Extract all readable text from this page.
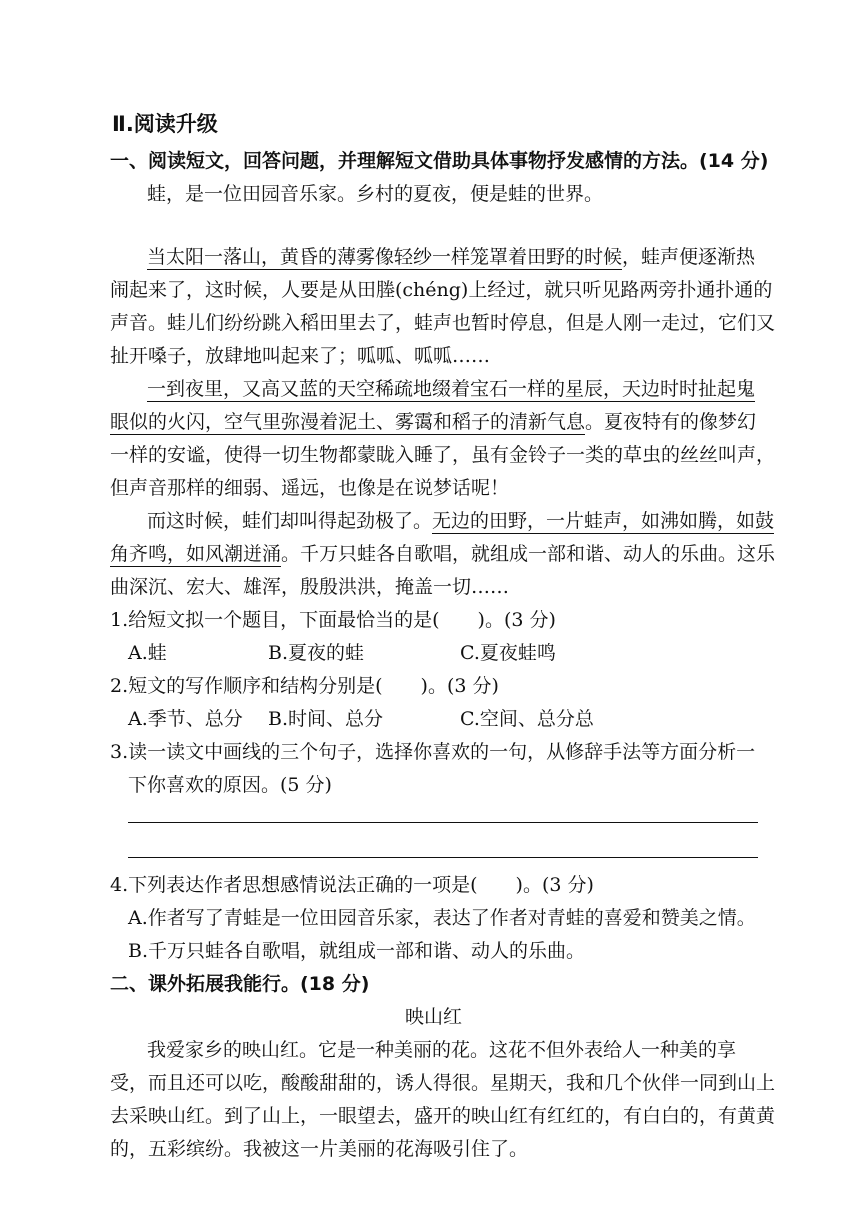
Ⅱ.阅读升级
一、阅读短文，回答问题，并理解短文借助具体事物抒发感情的方法。(14 分)
蛙，是一位田园音乐家。乡村的夏夜，便是蛙的世界。
当太阳一落山，黄昏的薄雾像轻纱一样笼罩着田野的时候，蛙声便逐渐热
闹起来了，这时候，人要是从田塍(chéng)上经过，就只听见路两旁扑通扑通的
声音。蛙儿们纷纷跳入稻田里去了，蛙声也暂时停息，但是人刚一走过，它们又
扯开嗓子，放肆地叫起来了；呱呱、呱呱……
一到夜里，又高又蓝的天空稀疏地缀着宝石一样的星辰，天边时时扯起鬼
眼似的火闪，空气里弥漫着泥土、雾霭和稻子的清新气息。夏夜特有的像梦幻
一样的安谧，使得一切生物都蒙眬入睡了，虽有金铃子一类的草虫的丝丝叫声，
但声音那样的细弱、遥远，也像是在说梦话呢！
而这时候，蛙们却叫得起劲极了。无边的田野，一片蛙声，如沸如腾，如鼓
角齐鸣，如风潮迸涌。千万只蛙各自歌唱，就组成一部和谐、动人的乐曲。这乐
曲深沉、宏大、雄浑，殷殷洪洪，掩盖一切……
1.给短文拟一个题目，下面最恰当的是(　　)。(3 分)
A.蛙	B.夏夜的蛙	C.夏夜蛙鸣
2.短文的写作顺序和结构分别是(　　)。(3 分)
A.季节、总分 B.时间、总分	C.空间、总分总
3.读一读文中画线的三个句子，选择你喜欢的一句，从修辞手法等方面分析一
下你喜欢的原因。(5 分)
4.下列表达作者思想感情说法正确的一项是(　　)。(3 分)
A.作者写了青蛙是一位田园音乐家，表达了作者对青蛙的喜爱和赞美之情。
B.千万只蛙各自歌唱，就组成一部和谐、动人的乐曲。
二、课外拓展我能行。(18 分)
映山红
我爱家乡的映山红。它是一种美丽的花。这花不但外表给人一种美的享
受，而且还可以吃，酸酸甜甜的，诱人得很。星期天，我和几个伙伴一同到山上
去采映山红。到了山上，一眼望去，盛开的映山红有红红的，有白白的，有黄黄
的，五彩缤纷。我被这一片美丽的花海吸引住了。
